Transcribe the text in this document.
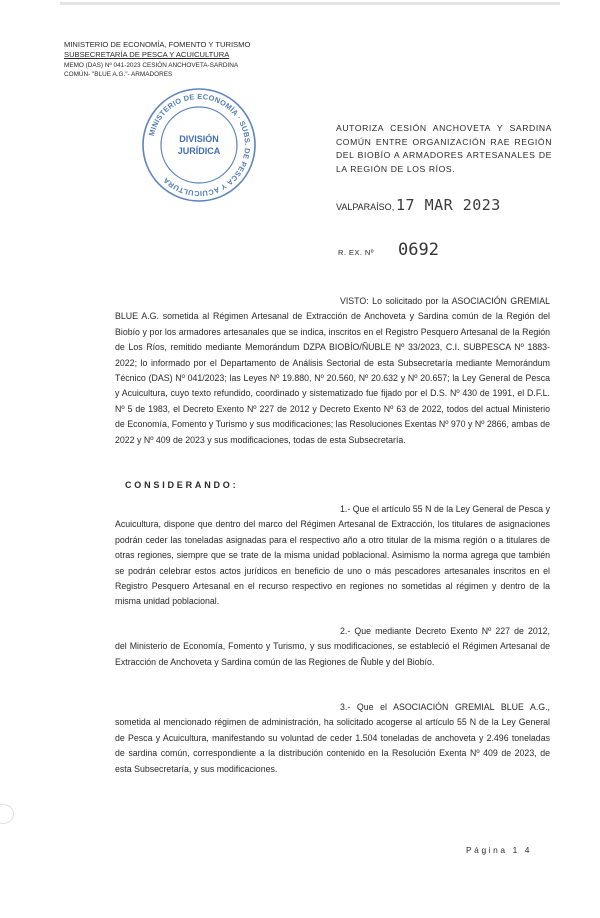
MINISTERIO DE ECONOMÍA, FOMENTO Y TURISMO
SUBSECRETARÍA DE PESCA Y ACUICULTURA
MEMO (DAS) Nº 041-2023 CESIÓN ANCHOVETA-SARDINA
COMÚN- "BLUE A.G."- ARMADORES
MINISTERIO DE ECONOMÍA · SUBS. DE PESCA Y ACUICULTURA
DIVISIÓN
JURÍDICA
AUTORIZA CESIÓN ANCHOVETA Y SARDINA COMÚN ENTRE ORGANIZACIÓN RAE REGIÓN DEL BIOBÍO A ARMADORES ARTESANALES DE LA REGIÓN DE LOS RÍOS.
VALPARAÍSO, 17 MAR 2023
R. EX. Nº 0692
VISTO: Lo solicitado por la ASOCIACIÓN GREMIAL BLUE A.G. sometida al Régimen Artesanal de Extracción de Anchoveta y Sardina común de la Región del Biobío y por los armadores artesanales que se indica, inscritos en el Registro Pesquero Artesanal de la Región de Los Ríos, remitido mediante Memorándum DZPA BIOBÍO/ÑUBLE Nº 33/2023, C.I. SUBPESCA Nº 1883-2022; lo informado por el Departamento de Análisis Sectorial de esta Subsecretaría mediante Memorándum Técnico (DAS) Nº 041/2023; las Leyes Nº 19.880, Nº 20.560, Nº 20.632 y Nº 20.657; la Ley General de Pesca y Acuicultura, cuyo texto refundido, coordinado y sistematizado fue fijado por el D.S. Nº 430 de 1991, el D.F.L. Nº 5 de 1983, el Decreto Exento Nº 227 de 2012 y Decreto Exento Nº 63 de 2022, todos del actual Ministerio de Economía, Fomento y Turismo y sus modificaciones; las Resoluciones Exentas Nº 970 y Nº 2866, ambas de 2022 y Nº 409 de 2023 y sus modificaciones, todas de esta Subsecretaría.
CONSIDERANDO:
1.- Que el artículo 55 N de la Ley General de Pesca y Acuicultura, dispone que dentro del marco del Régimen Artesanal de Extracción, los titulares de asignaciones podrán ceder las toneladas asignadas para el respectivo año a otro titular de la misma región o a titulares de otras regiones, siempre que se trate de la misma unidad poblacional. Asimismo la norma agrega que también se podrán celebrar estos actos jurídicos en beneficio de uno o más pescadores artesanales inscritos en el Registro Pesquero Artesanal en el recurso respectivo en regiones no sometidas al régimen y dentro de la misma unidad poblacional.
2.- Que mediante Decreto Exento Nº 227 de 2012, del Ministerio de Economía, Fomento y Turismo, y sus modificaciones, se estableció el Régimen Artesanal de Extracción de Anchoveta y Sardina común de las Regiones de Ñuble y del Biobío.
3.- Que el ASOCIACIÓN GREMIAL BLUE A.G., sometida al mencionado régimen de administración, ha solicitado acogerse al artículo 55 N de la Ley General de Pesca y Acuicultura, manifestando su voluntad de ceder 1.504 toneladas de anchoveta y 2.496 toneladas de sardina común, correspondiente a la distribución contenido en la Resolución Exenta Nº 409 de 2023, de esta Subsecretaría, y sus modificaciones.
Página 1 4
